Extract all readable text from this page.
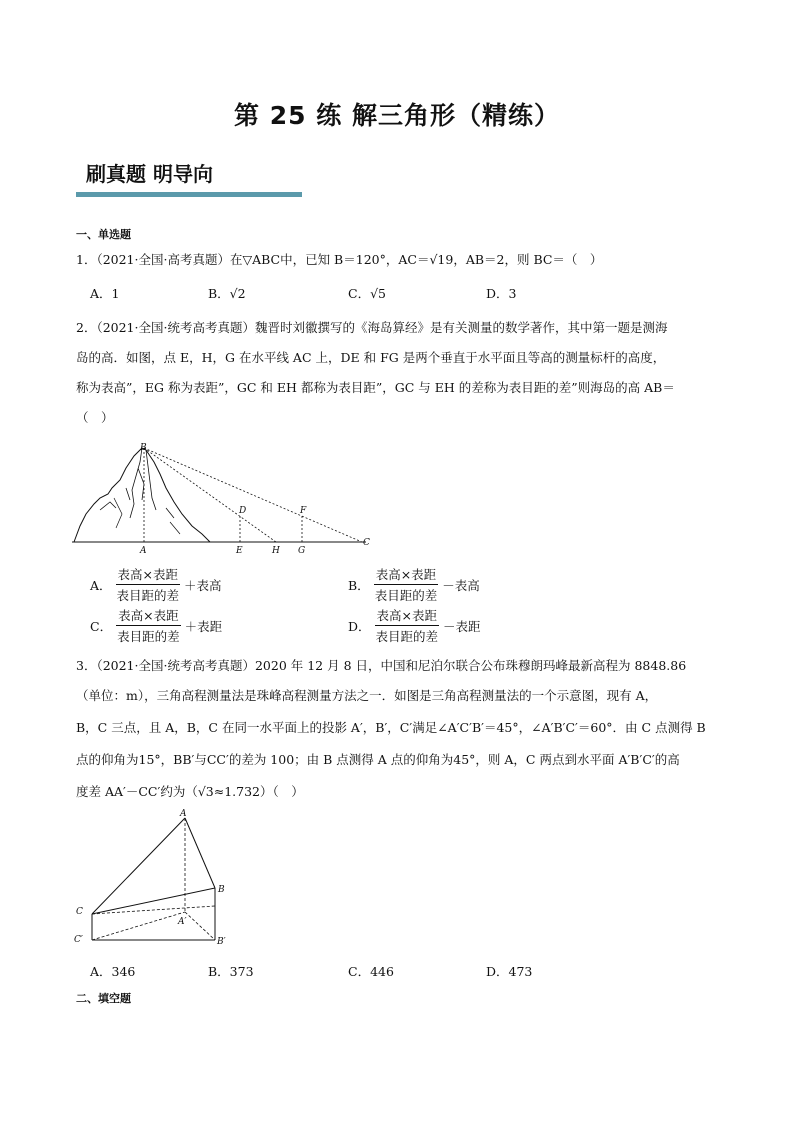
第 25 练 解三角形（精练）
刷真题 明导向
一、单选题
1．（2021·全国·高考真题）在▽ABC中，已知 B＝120°，AC＝√19，AB＝2，则 BC＝（　）
A．1	B．√2	C．√5	D．3
2．（2021·全国·统考高考真题）魏晋时刘徽撰写的《海岛算经》是有关测量的数学著作，其中第一题是测海
岛的高．如图，点 E，H，G 在水平线 AC 上，DE 和 FG 是两个垂直于水平面且等高的测量标杆的高度，
称为表高”，EG 称为表距”，GC 和 EH 都称为表目距”，GC 与 EH 的差称为表目距的差”则海岛的高 AB＝
（　）
B
D	F
A	E	H G
C
A． $\frac{\text{表高×表距}}{\text{表目距的差}}$ ＋表高	B． $\frac{\text{表高×表距}}{\text{表目距的差}}$ －表高
C． $\frac{\text{表高×表距}}{\text{表目距的差}}$ ＋表距	D． $\frac{\text{表高×表距}}{\text{表目距的差}}$ －表距
3．（2021·全国·统考高考真题）2020 年 12 月 8 日，中国和尼泊尔联合公布珠穆朗玛峰最新高程为 8848.86
（单位：m），三角高程测量法是珠峰高程测量方法之一．如图是三角高程测量法的一个示意图，现有 A，
B，C 三点，且 A，B，C 在同一水平面上的投影 A′，B′，C′满足∠A′C′B′＝45°，∠A′B′C′＝60°．由 C 点测得 B
点的仰角为15°，BB′与CC′的差为 100；由 B 点测得 A 点的仰角为45°，则 A，C 两点到水平面 A′B′C′的高
度差 AA′－CC′约为（√3≈1.732）（　）
A
B
C
C′
A′
B′
A．346	B．373	C．446	D．473
二、填空题
